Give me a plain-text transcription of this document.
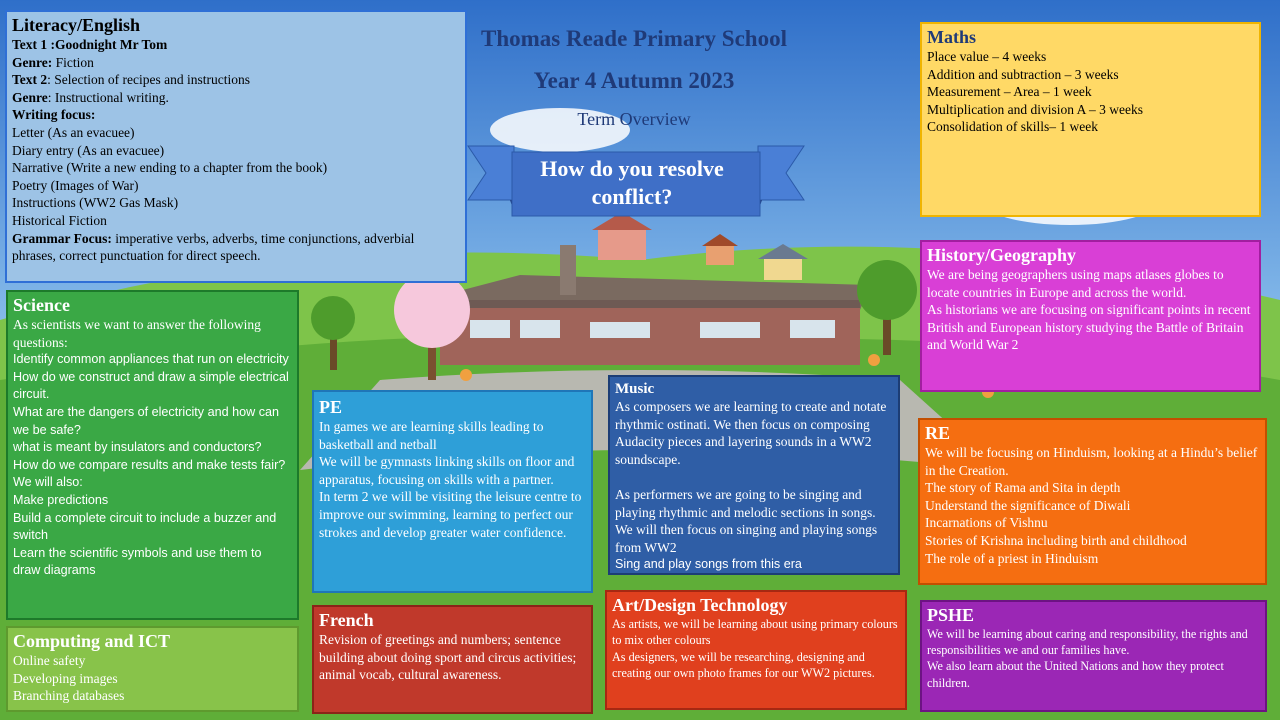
Thomas Reade Primary School
Year 4 Autumn 2023
Term Overview
How do you resolve
conflict?
Literacy/English

Text 1 :Goodnight Mr Tom

Genre: Fiction

Text 2: Selection of recipes and instructions

Genre: Instructional writing.

Writing focus:

Letter (As an evacuee)
Diary entry (As an evacuee)
Narrative (Write a new ending to a chapter from the book)
Poetry (Images of War)
Instructions (WW2 Gas Mask)
Historical Fiction

Grammar Focus: imperative verbs, adverbs, time conjunctions, adverbial phrases, correct punctuation for direct speech.

Science

As scientists we want to answer the following questions:

Identify common appliances that run on electricity
How do we construct and draw a simple electrical circuit.
What are the dangers of electricity and how can we be safe?
what is meant by insulators and conductors?
How do we compare results and make tests fair?
We will also:
Make predictions
Build a complete circuit to include a buzzer and switch
Learn the scientific symbols and use them to draw diagrams
Computing and ICT
Online safety
Developing images
Branching databases
PE
In games we are learning skills leading to basketball and netball
We will be gymnasts linking skills on floor and apparatus, focusing on skills with a partner.
In term 2 we will be visiting the leisure centre to improve our swimming, learning to perfect our strokes and develop greater water confidence.
Music

As composers we are learning to create and notate rhythmic ostinati. We then focus on composing Audacity pieces and layering sounds in a WW2 soundscape.

As performers we are going to be singing and playing rhythmic and melodic sections in songs. We will then focus on singing and playing songs from WW2

Sing and play songs from this era

French

Revision of greetings and numbers; sentence building about doing sport and circus activities; animal vocab, cultural awareness.

Art/Design Technology

As artists, we will be learning about using primary colours to mix other colours

As designers, we will be researching, designing and creating our own photo frames for our WW2 pictures.

Maths
Place value – 4 weeks
Addition and subtraction – 3 weeks
Measurement – Area – 1 week
Multiplication and division A – 3 weeks
Consolidation of skills– 1 week
History/Geography

We are being geographers using maps atlases globes to locate countries in Europe and across the world.

As historians we are focusing on significant points in recent British and European history studying the Battle of Britain and World War 2

RE
We will be focusing on Hinduism, looking at a Hindu’s belief in the Creation.
The story of Rama and Sita in depth
Understand the significance of Diwali
Incarnations of Vishnu
Stories of Krishna including birth and childhood
The role of a priest in Hinduism
PSHE

We will be learning about caring and responsibility, the rights and responsibilities we and our families have.

We also learn about the United Nations and how they protect children.
